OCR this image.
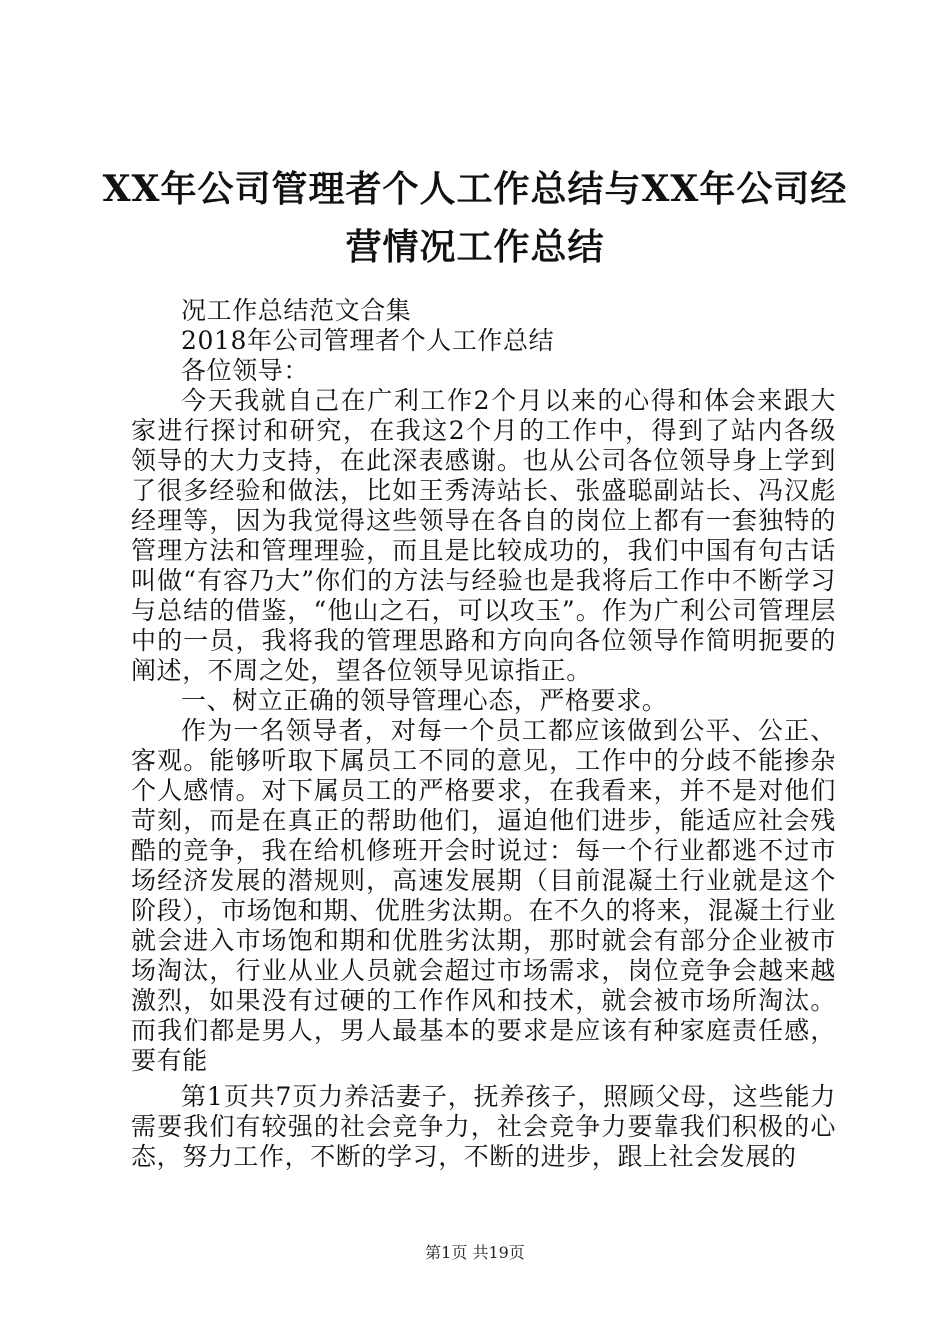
XX年公司管理者个人工作总结与XX年公司经营情况工作总结

况工作总结范文合集

2018年公司管理者个人工作总结

各位领导：

今天我就自己在广利工作2个月以来的心得和体会来跟大家进行探讨和研究，在我这2个月的工作中，得到了站内各级领导的大力支持，在此深表感谢。也从公司各位领导身上学到了很多经验和做法，比如王秀涛站长、张盛聪副站长、冯汉彪经理等，因为我觉得这些领导在各自的岗位上都有一套独特的管理方法和管理理验，而且是比较成功的，我们中国有句古话叫做“有容乃大”你们的方法与经验也是我将后工作中不断学习与总结的借鉴，“他山之石，可以攻玉”。作为广利公司管理层中的一员，我将我的管理思路和方向向各位领导作简明扼要的阐述，不周之处，望各位领导见谅指正。

一、树立正确的领导管理心态，严格要求。

作为一名领导者，对每一个员工都应该做到公平、公正、客观。能够听取下属员工不同的意见，工作中的分歧不能掺杂个人感情。对下属员工的严格要求，在我看来，并不是对他们苛刻，而是在真正的帮助他们，逼迫他们进步，能适应社会残酷的竞争，我在给机修班开会时说过：每一个行业都逃不过市场经济发展的潜规则，高速发展期（目前混凝土行业就是这个阶段），市场饱和期、优胜劣汰期。在不久的将来，混凝土行业就会进入市场饱和期和优胜劣汰期，那时就会有部分企业被市场淘汰，行业从业人员就会超过市场需求，岗位竞争会越来越激烈，如果没有过硬的工作作风和技术，就会被市场所淘汰。而我们都是男人，男人最基本的要求是应该有种家庭责任感，要有能

第1页共7页力养活妻子，抚养孩子，照顾父母，这些能力需要我们有较强的社会竞争力，社会竞争力要靠我们积极的心态，努力工作，不断的学习，不断的进步，跟上社会发展的

第1页 共19页
